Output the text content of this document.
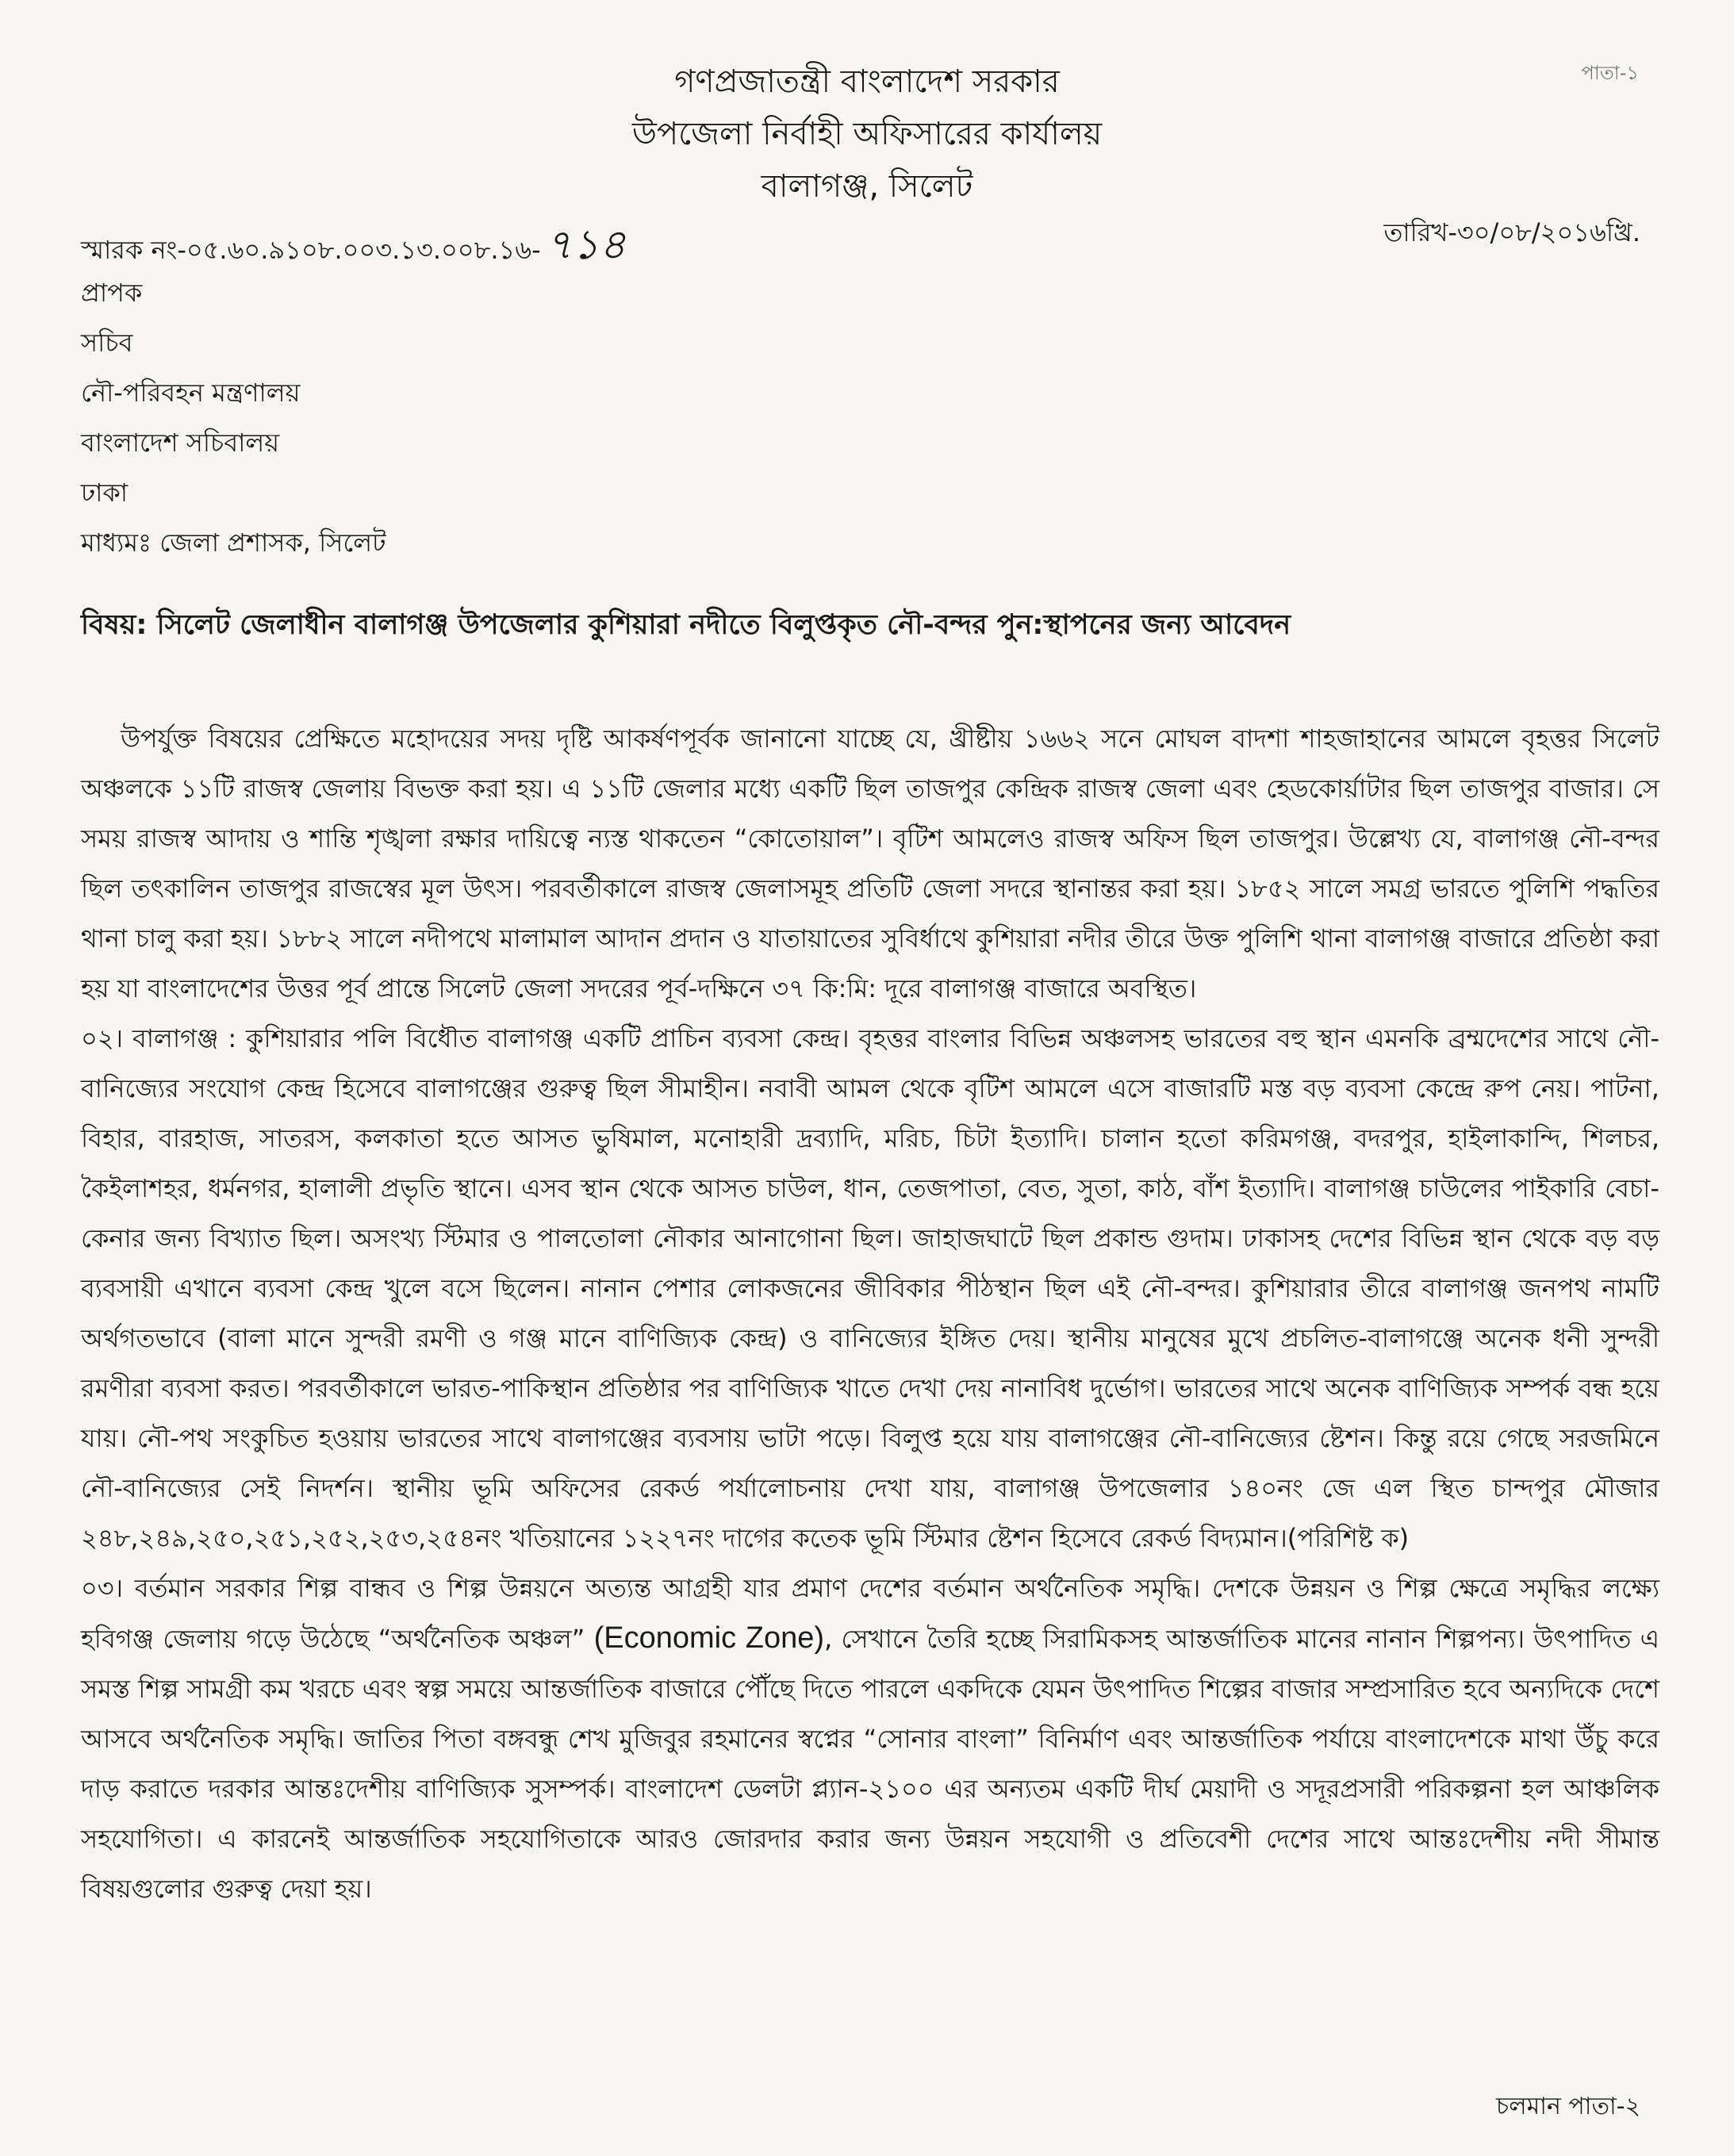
পাতা-১
গণপ্রজাতন্ত্রী বাংলাদেশ সরকার
উপজেলা নির্বাহী অফিসারের কার্যালয়
বালাগঞ্জ, সিলেট
স্মারক নং-০৫.৬০.৯১০৮.০০৩.১৩.০০৮.১৬- ৭১৪	তারিখ-৩০/০৮/২০১৬খ্রি.
প্রাপক
সচিব
নৌ-পরিবহন মন্ত্রণালয়
বাংলাদেশ সচিবালয়
ঢাকা
মাধ্যমঃ জেলা প্রশাসক, সিলেট
বিষয়: সিলেট জেলাধীন বালাগঞ্জ উপজেলার কুশিয়ারা নদীতে বিলুপ্তকৃত নৌ-বন্দর পুন:স্থাপনের জন্য আবেদন

উপর্যুক্ত বিষয়ের প্রেক্ষিতে মহোদয়ের সদয় দৃষ্টি আকর্ষণপূর্বক জানানো যাচ্ছে যে, খ্রীষ্টীয় ১৬৬২ সনে মোঘল বাদশা শাহজাহানের আমলে বৃহত্তর সিলেট অঞ্চলকে ১১টি রাজস্ব জেলায় বিভক্ত করা হয়। এ ১১টি জেলার মধ্যে একটি ছিল তাজপুর কেন্দ্রিক রাজস্ব জেলা এবং হেডকোর্য়াটার ছিল তাজপুর বাজার। সে সময় রাজস্ব আদায় ও শান্তি শৃঙ্খলা রক্ষার দায়িত্বে ন্যস্ত থাকতেন “কোতোয়াল”। বৃটিশ আমলেও রাজস্ব অফিস ছিল তাজপুর। উল্লেখ্য যে, বালাগঞ্জ নৌ-বন্দর ছিল তৎকালিন তাজপুর রাজস্বের মূল উৎস। পরবর্তীকালে রাজস্ব জেলাসমূহ প্রতিটি জেলা সদরে স্থানান্তর করা হয়। ১৮৫২ সালে সমগ্র ভারতে পুলিশি পদ্ধতির থানা চালু করা হয়। ১৮৮২ সালে নদীপথে মালামাল আদান প্রদান ও যাতায়াতের সুবির্ধাথে কুশিয়ারা নদীর তীরে উক্ত পুলিশি থানা বালাগঞ্জ বাজারে প্রতিষ্ঠা করা হয় যা বাংলাদেশের উত্তর পূর্ব প্রান্তে সিলেট জেলা সদরের পূর্ব-দক্ষিনে ৩৭ কি:মি: দূরে বালাগঞ্জ বাজারে অবস্থিত।

০২। বালাগঞ্জ : কুশিয়ারার পলি বিধৌত বালাগঞ্জ একটি প্রাচিন ব্যবসা কেন্দ্র। বৃহত্তর বাংলার বিভিন্ন অঞ্চলসহ ভারতের বহু স্থান এমনকি ব্রম্মদেশের সাথে নৌ-বানিজ্যের সংযোগ কেন্দ্র হিসেবে বালাগঞ্জের গুরুত্ব ছিল সীমাহীন। নবাবী আমল থেকে বৃটিশ আমলে এসে বাজারটি মস্ত বড় ব্যবসা কেন্দ্রে রুপ নেয়। পাটনা, বিহার, বারহাজ, সাতরস, কলকাতা হতে আসত ভুষিমাল, মনোহারী দ্রব্যাদি, মরিচ, চিটা ইত্যাদি। চালান হতো করিমগঞ্জ, বদরপুর, হাইলাকান্দি, শিলচর, কৈইলাশহর, ধর্মনগর, হালালী প্রভৃতি স্থানে। এসব স্থান থেকে আসত চাউল, ধান, তেজপাতা, বেত, সুতা, কাঠ, বাঁশ ইত্যাদি। বালাগঞ্জ চাউলের পাইকারি বেচা-কেনার জন্য বিখ্যাত ছিল। অসংখ্য স্টিমার ও পালতোলা নৌকার আনাগোনা ছিল। জাহাজঘাটে ছিল প্রকান্ড গুদাম। ঢাকাসহ দেশের বিভিন্ন স্থান থেকে বড় বড় ব্যবসায়ী এখানে ব্যবসা কেন্দ্র খুলে বসে ছিলেন। নানান পেশার লোকজনের জীবিকার পীঠস্থান ছিল এই নৌ-বন্দর। কুশিয়ারার তীরে বালাগঞ্জ জনপথ নামটি অর্থগতভাবে (বালা মানে সুন্দরী রমণী ও গঞ্জ মানে বাণিজ্যিক কেন্দ্র) ও বানিজ্যের ইঙ্গিত দেয়। স্থানীয় মানুষের মুখে প্রচলিত-বালাগঞ্জে অনেক ধনী সুন্দরী রমণীরা ব্যবসা করত। পরবর্তীকালে ভারত-পাকিস্থান প্রতিষ্ঠার পর বাণিজ্যিক খাতে দেখা দেয় নানাবিধ দুর্ভোগ। ভারতের সাথে অনেক বাণিজ্যিক সম্পর্ক বন্ধ হয়ে যায়। নৌ-পথ সংকুচিত হওয়ায় ভারতের সাথে বালাগঞ্জের ব্যবসায় ভাটা পড়ে। বিলুপ্ত হয়ে যায় বালাগঞ্জের নৌ-বানিজ্যের ষ্টেশন। কিন্তু রয়ে গেছে সরজমিনে নৌ-বানিজ্যের সেই নিদর্শন। স্থানীয় ভূমি অফিসের রেকর্ড পর্যালোচনায় দেখা যায়, বালাগঞ্জ উপজেলার ১৪০নং জে এল স্থিত চান্দপুর মৌজার ২৪৮,২৪৯,২৫০,২৫১,২৫২,২৫৩,২৫৪নং খতিয়ানের ১২২৭নং দাগের কতেক ভূমি স্টিমার ষ্টেশন হিসেবে রেকর্ড বিদ্যমান।(পরিশিষ্ট ক)

০৩। বর্তমান সরকার শিল্প বান্ধব ও শিল্প উন্নয়নে অত্যন্ত আগ্রহী যার প্রমাণ দেশের বর্তমান অর্থনৈতিক সমৃদ্ধি। দেশকে উন্নয়ন ও শিল্প ক্ষেত্রে সমৃদ্ধির লক্ষ্যে হবিগঞ্জ জেলায় গড়ে উঠেছে “অর্থনৈতিক অঞ্চল” (Economic Zone), সেখানে তৈরি হচ্ছে সিরামিকসহ আন্তর্জাতিক মানের নানান শিল্পপন্য। উৎপাদিত এ সমস্ত শিল্প সামগ্রী কম খরচে এবং স্বল্প সময়ে আন্তর্জাতিক বাজারে পৌঁছে দিতে পারলে একদিকে যেমন উৎপাদিত শিল্পের বাজার সম্প্রসারিত হবে অন্যদিকে দেশে আসবে অর্থনৈতিক সমৃদ্ধি। জাতির পিতা বঙ্গবন্ধু শেখ মুজিবুর রহমানের স্বপ্নের “সোনার বাংলা” বিনির্মাণ এবং আন্তর্জাতিক পর্যায়ে বাংলাদেশকে মাথা উঁচু করে দাড় করাতে দরকার আন্তঃদেশীয় বাণিজ্যিক সুসম্পর্ক। বাংলাদেশ ডেলটা প্ল্যান-২১০০ এর অন্যতম একটি দীর্ঘ মেয়াদী ও সদূরপ্রসারী পরিকল্পনা হল আঞ্চলিক সহযোগিতা। এ কারনেই আন্তর্জাতিক সহযোগিতাকে আরও জোরদার করার জন্য উন্নয়ন সহযোগী ও প্রতিবেশী দেশের সাথে আন্তঃদেশীয় নদী সীমান্ত বিষয়গুলোর গুরুত্ব দেয়া হয়।

চলমান পাতা-২
